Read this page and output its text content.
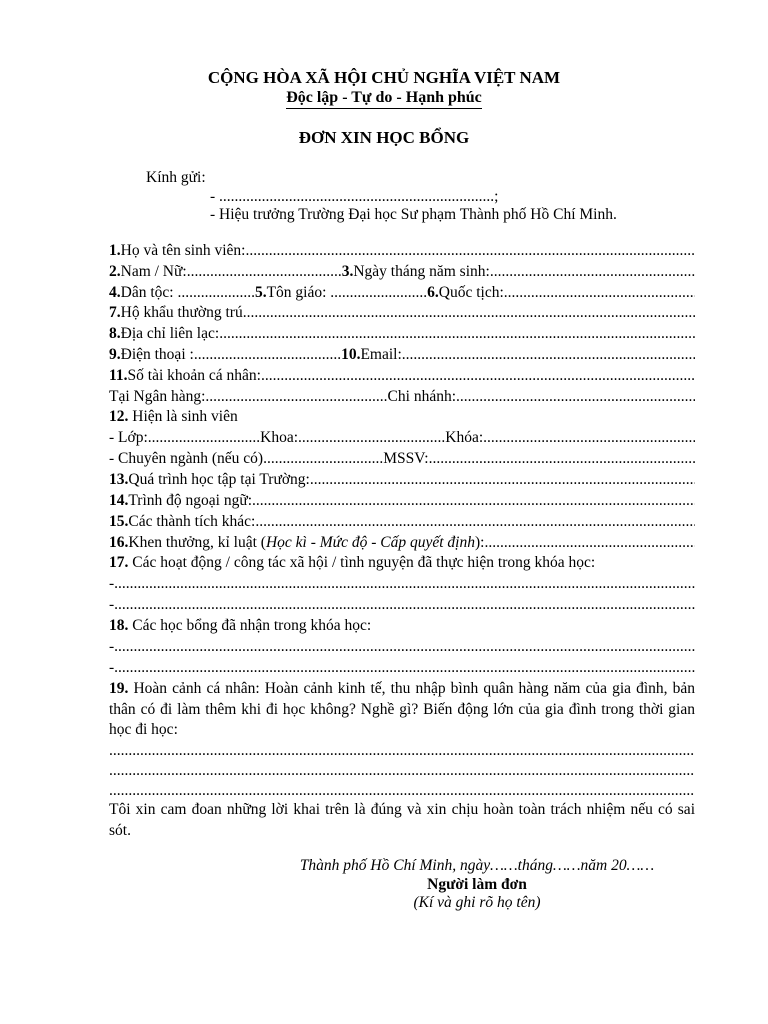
CỘNG HÒA XÃ HỘI CHỦ NGHĨA VIỆT NAM
Độc lập - Tự do - Hạnh phúc
ĐƠN XIN HỌC BỔNG
Kính gửi:
- .......................................................................;
- Hiệu trưởng Trường Đại học Sư phạm Thành phố Hồ Chí Minh.
1. Họ và tên sinh viên:
.....
2. Nam / Nữ: ........................................ 3. Ngày tháng năm sinh:
.....
4. Dân tộc: .................... 5. Tôn giáo: ......................... 6. Quốc tịch:
.....
7. Hộ khẩu thường trú
.....
8. Địa chỉ liên lạc:
.....
9. Điện thoại : ...................................... 10. Email:
.....
11. Số tài khoản cá nhân:
.....
Tại Ngân hàng: ............................................... Chi nhánh:
.....
12. Hiện là sinh viên
- Lớp: ............................. Khoa: ...................................... Khóa:
.....
- Chuyên ngành (nếu có) ............................... MSSV:
.....
13. Quá trình học tập tại Trường:
.....
14. Trình độ ngoại ngữ:
.....
15. Các thành tích khác:
.....
16. Khen thưởng, kỉ luật ( Học kì - Mức độ - Cấp quyết định ):
.....
17. Các hoạt động / công tác xã hội / tình nguyện đã thực hiện trong khóa học:
-
.....
-
.....
18. Các học bổng đã nhận trong khóa học:
-
.....
-
.....
19. Hoàn cảnh cá nhân: Hoàn cảnh kinh tế, thu nhập bình quân hàng năm của gia đình, bản thân có đi làm thêm khi đi học không? Nghề gì? Biến động lớn của gia đình trong thời gian học đi học:
.....
.....
.....
Tôi xin cam đoan những lời khai trên là đúng và xin chịu hoàn toàn trách nhiệm nếu có sai sót.
Thành phố Hồ Chí Minh, ngày……tháng……năm 20……
Người làm đơn
(Kí và ghi rõ họ tên)
